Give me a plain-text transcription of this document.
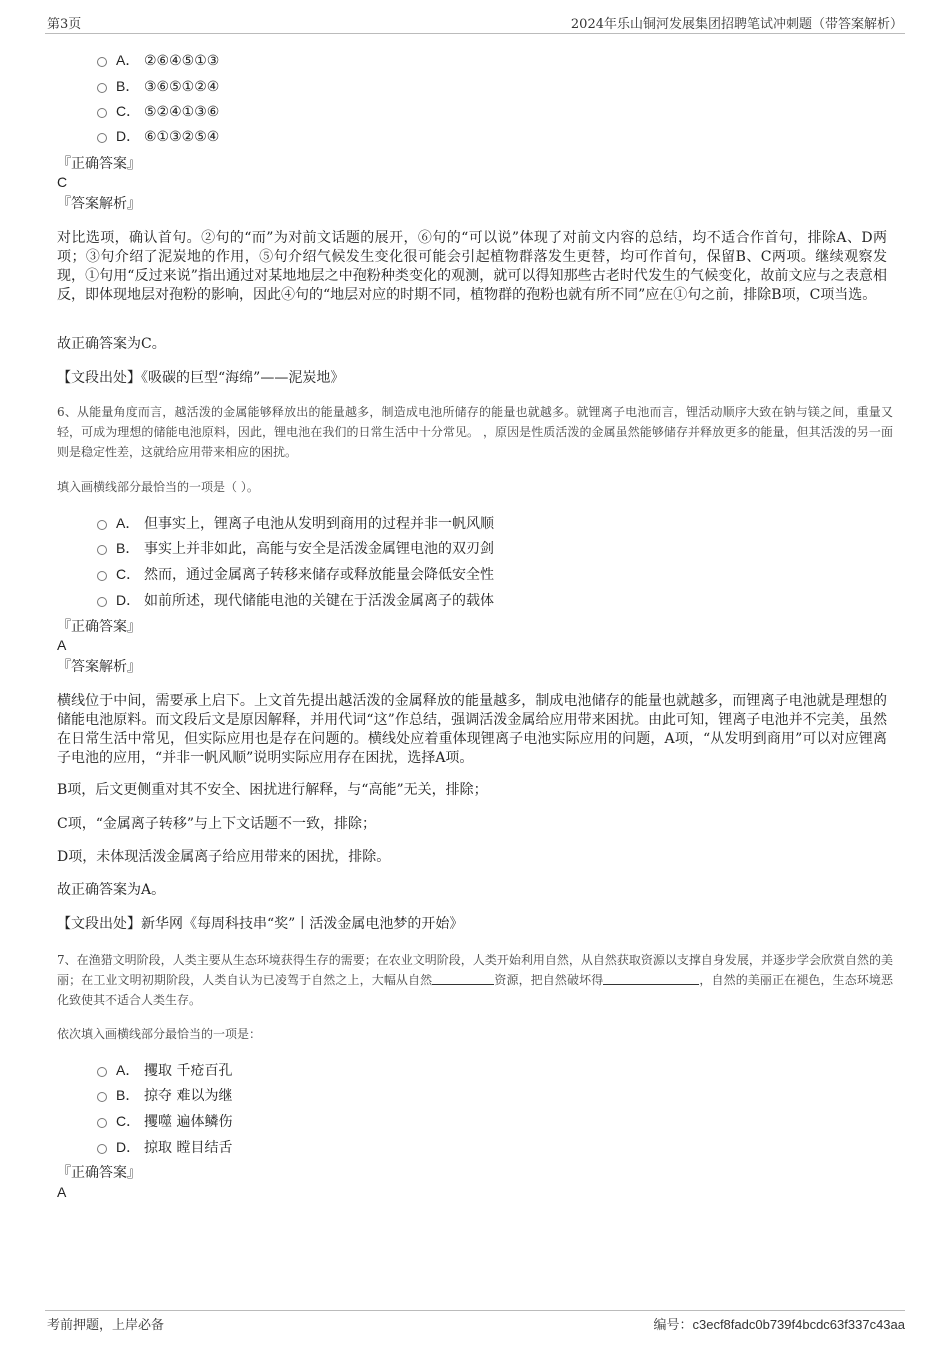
第3页	2024年乐山铜河发展集团招聘笔试冲刺题（带答案解析）
A． ②⑥④⑤①③
B． ③⑥⑤①②④
C． ⑤②④①③⑥
D． ⑥①③②⑤④
『正确答案』
C
『答案解析』
对比选项，确认首句。②句的“而”为对前文话题的展开，⑥句的“可以说”体现了对前文内容的总结，均不适合作首句，排除A、D两项；③句介绍了泥炭地的作用，⑤句介绍气候发生变化很可能会引起植物群落发生更替，均可作首句，保留B、C两项。继续观察发现，①句用“反过来说”指出通过对某地地层之中孢粉种类变化的观测，就可以得知那些古老时代发生的气候变化，故前文应与之表意相反，即体现地层对孢粉的影响，因此④句的“地层对应的时期不同，植物群的孢粉也就有所不同”应在①句之前，排除B项，C项当选。
故正确答案为C。
【文段出处】《吸碳的巨型“海绵”——泥炭地》
6、从能量角度而言，越活泼的金属能够释放出的能量越多，制造成电池所储存的能量也就越多。就锂离子电池而言，锂活动顺序大致在钠与镁之间，重量又轻，可成为理想的储能电池原料，因此，锂电池在我们的日常生活中十分常见。 ，原因是性质活泼的金属虽然能够储存并释放更多的能量，但其活泼的另一面则是稳定性差，这就给应用带来相应的困扰。
填入画横线部分最恰当的一项是（ ）。
A． 但事实上，锂离子电池从发明到商用的过程并非一帆风顺
B． 事实上并非如此，高能与安全是活泼金属锂电池的双刃剑
C． 然而，通过金属离子转移来储存或释放能量会降低安全性
D． 如前所述，现代储能电池的关键在于活泼金属离子的载体
『正确答案』
A
『答案解析』
横线位于中间，需要承上启下。上文首先提出越活泼的金属释放的能量越多，制成电池储存的能量也就越多，而锂离子电池就是理想的储能电池原料。而文段后文是原因解释，并用代词“这”作总结，强调活泼金属给应用带来困扰。由此可知，锂离子电池并不完美，虽然在日常生活中常见，但实际应用也是存在问题的。横线处应着重体现锂离子电池实际应用的问题，A项，“从发明到商用”可以对应锂离子电池的应用，“并非一帆风顺”说明实际应用存在困扰，选择A项。
B项，后文更侧重对其不安全、困扰进行解释，与“高能”无关，排除；
C项，“金属离子转移”与上下文话题不一致，排除；
D项，未体现活泼金属离子给应用带来的困扰，排除。
故正确答案为A。
【文段出处】新华网《每周科技串“奖”丨活泼金属电池梦的开始》
7、在渔猎文明阶段，人类主要从生态环境获得生存的需要；在农业文明阶段，人类开始利用自然，从自然获取资源以支撑自身发展，并逐步学会欣赏自然的美丽；在工业文明初期阶段，人类自认为已凌驾于自然之上，大幅从自然	资源，把自然破坏得	，自然的美丽正在褪色，生态环境恶化致使其不适合人类生存。
依次填入画横线部分最恰当的一项是：
A． 攫取 千疮百孔
B． 掠夺 难以为继
C． 攫噬 遍体鳞伤
D． 掠取 瞠目结舌
『正确答案』
A
考前押题，上岸必备	编号：c3ecf8fadc0b739f4bcdc63f337c43aa
